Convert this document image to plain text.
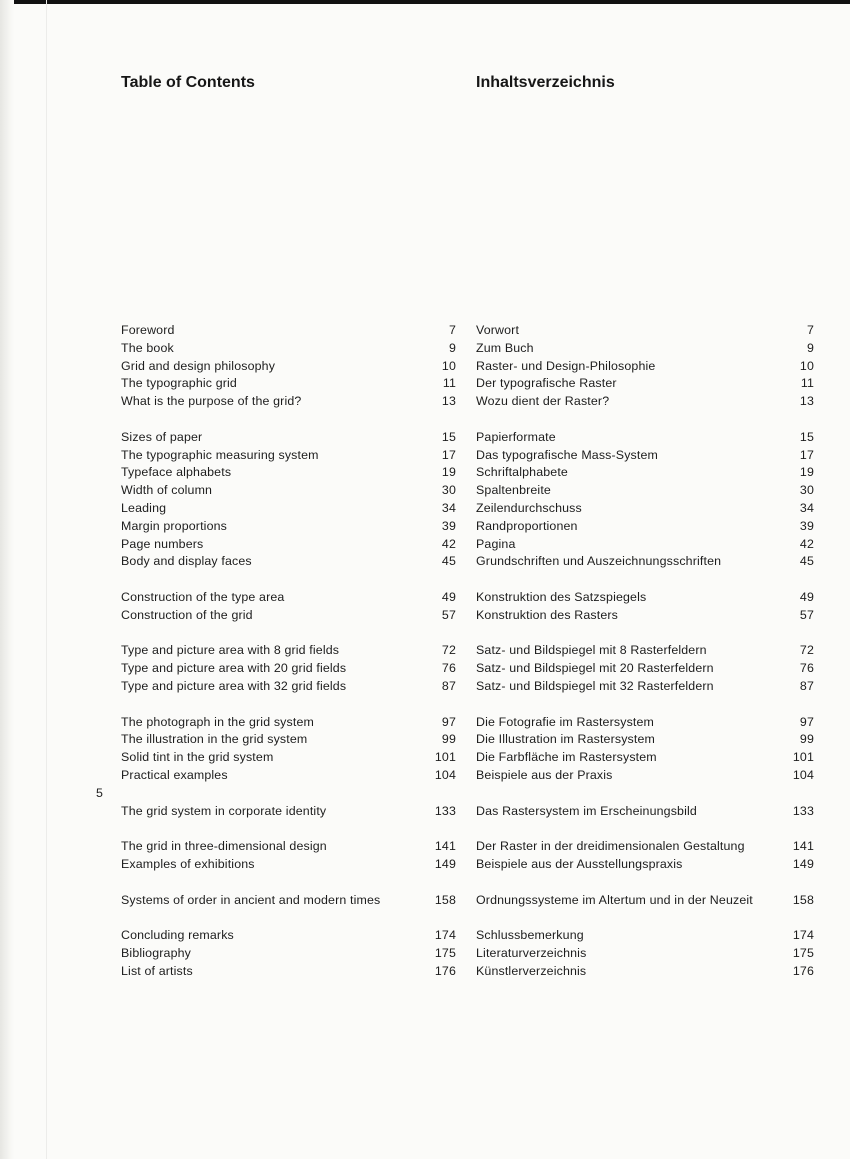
Table of Contents	Inhaltsverzeichnis
Foreword	7
The book	9
Grid and design philosophy	10
The typographic grid	11
What is the purpose of the grid?	13
Sizes of paper	15
The typographic measuring system	17
Typeface alphabets	19
Width of column	30
Leading	34
Margin proportions	39
Page numbers	42
Body and display faces	45
Construction of the type area	49
Construction of the grid	57
Type and picture area with 8 grid fields	72
Type and picture area with 20 grid fields	76
Type and picture area with 32 grid fields	87
The photograph in the grid system	97
The illustration in the grid system	99
Solid tint in the grid system	101
Practical examples	104
The grid system in corporate identity	133
The grid in three-dimensional design	141
Examples of exhibitions	149
Systems of order in ancient and modern times	158
Concluding remarks	174
Bibliography	175
List of artists	176
Vorwort	7
Zum Buch	9
Raster- und Design-Philosophie	10
Der typografische Raster	11
Wozu dient der Raster?	13
Papierformate	15
Das typografische Mass-System	17
Schriftalphabete	19
Spaltenbreite	30
Zeilendurchschuss	34
Randproportionen	39
Pagina	42
Grundschriften und Auszeichnungsschriften	45
Konstruktion des Satzspiegels	49
Konstruktion des Rasters	57
Satz- und Bildspiegel mit 8 Rasterfeldern	72
Satz- und Bildspiegel mit 20 Rasterfeldern	76
Satz- und Bildspiegel mit 32 Rasterfeldern	87
Die Fotografie im Rastersystem	97
Die Illustration im Rastersystem	99
Die Farbfläche im Rastersystem	101
Beispiele aus der Praxis	104
Das Rastersystem im Erscheinungsbild	133
Der Raster in der dreidimensionalen Gestaltung	141
Beispiele aus der Ausstellungspraxis	149
Ordnungssysteme im Altertum und in der Neuzeit	158
Schlussbemerkung	174
Literaturverzeichnis	175
Künstlerverzeichnis	176
5
